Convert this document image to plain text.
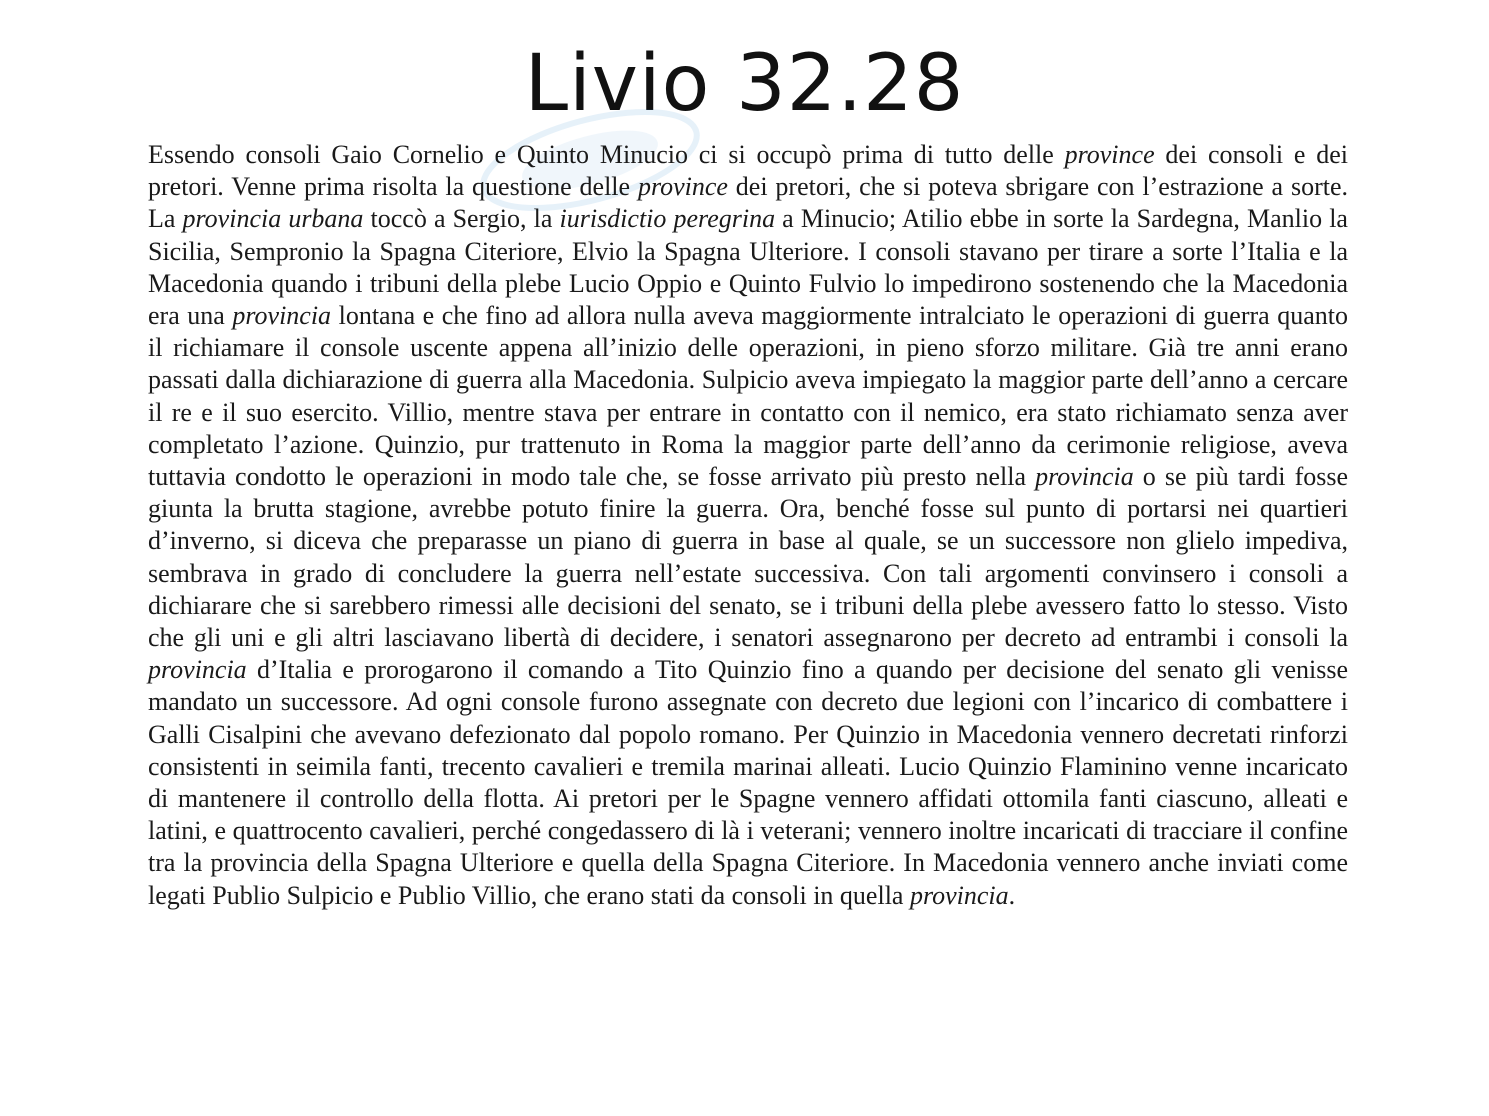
Livio 32.28

Essendo consoli Gaio Cornelio e Quinto Minucio ci si occupò prima di tutto delle province dei consoli e dei pretori. Venne prima risolta la questione delle province dei pretori, che si poteva sbrigare con l’estrazione a sorte. La provincia urbana toccò a Sergio, la iurisdictio peregrina a Minucio; Atilio ebbe in sorte la Sardegna, Manlio la Sicilia, Sempronio la Spagna Citeriore, Elvio la Spagna Ulteriore. I consoli stavano per tirare a sorte l’Italia e la Macedonia quando i tribuni della plebe Lucio Oppio e Quinto Fulvio lo impedirono sostenendo che la Macedonia era una provincia lontana e che fino ad allora nulla aveva maggiormente intralciato le operazioni di guerra quanto il richiamare il console uscente appena all’inizio delle operazioni, in pieno sforzo militare. Già tre anni erano passati dalla dichiarazione di guerra alla Macedonia. Sulpicio aveva impiegato la maggior parte dell’anno a cercare il re e il suo esercito. Villio, mentre stava per entrare in contatto con il nemico, era stato richiamato senza aver completato l’azione. Quinzio, pur trattenuto in Roma la maggior parte dell’anno da cerimonie religiose, aveva tuttavia condotto le operazioni in modo tale che, se fosse arrivato più presto nella provincia o se più tardi fosse giunta la brutta stagione, avrebbe potuto finire la guerra. Ora, benché fosse sul punto di portarsi nei quartieri d’inverno, si diceva che preparasse un piano di guerra in base al quale, se un successore non glielo impediva, sembrava in grado di concludere la guerra nell’estate successiva. Con tali argomenti convinsero i consoli a dichiarare che si sarebbero rimessi alle decisioni del senato, se i tribuni della plebe avessero fatto lo stesso. Visto che gli uni e gli altri lasciavano libertà di decidere, i senatori assegnarono per decreto ad entrambi i consoli la provincia d’Italia e prorogarono il comando a Tito Quinzio fino a quando per decisione del senato gli venisse mandato un successore. Ad ogni console furono assegnate con decreto due legioni con l’incarico di combattere i Galli Cisalpini che avevano defezionato dal popolo romano. Per Quinzio in Macedonia vennero decretati rinforzi consistenti in seimila fanti, trecento cavalieri e tremila marinai alleati. Lucio Quinzio Flaminino venne incaricato di mantenere il controllo della flotta. Ai pretori per le Spagne vennero affidati ottomila fanti ciascuno, alleati e latini, e quattrocento cavalieri, perché congedassero di là i veterani; vennero inoltre incaricati di tracciare il confine tra la provincia della Spagna Ulteriore e quella della Spagna Citeriore. In Macedonia vennero anche inviati come legati Publio Sulpicio e Publio Villio, che erano stati da consoli in quella provincia.
